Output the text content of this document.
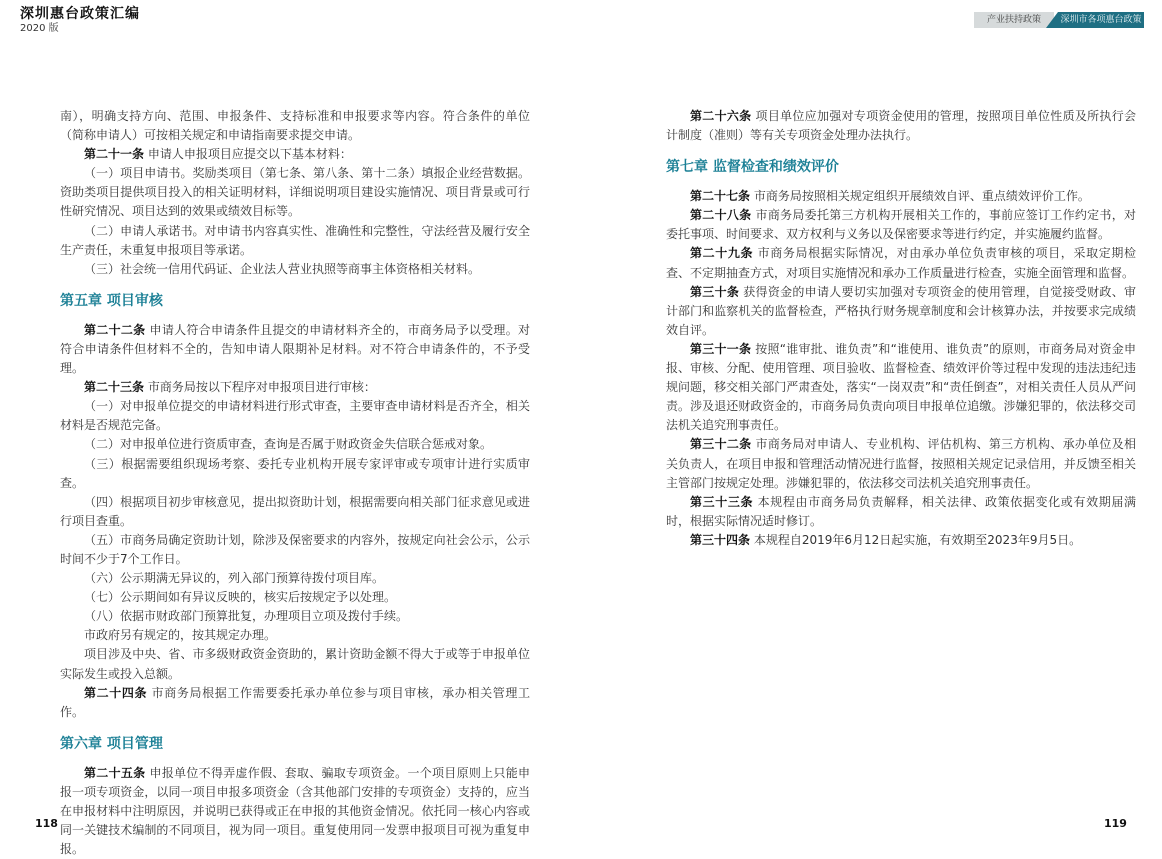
深圳惠台政策汇编
2020 版
产业扶持政策	深圳市各项惠台政策

南），明确支持方向、范围、申报条件、支持标准和申报要求等内容。符合条件的单位（简称申请人）可按相关规定和申请指南要求提交申请。

第二十一条 申请人申报项目应提交以下基本材料：

（一）项目申请书。奖励类项目（第七条、第八条、第十二条）填报企业经营数据。资助类项目提供项目投入的相关证明材料，详细说明项目建设实施情况、项目背景或可行性研究情况、项目达到的效果或绩效目标等。

（二）申请人承诺书。对申请书内容真实性、准确性和完整性，守法经营及履行安全生产责任，未重复申报项目等承诺。

（三）社会统一信用代码证、企业法人营业执照等商事主体资格相关材料。

第五章 项目审核

第二十二条 申请人符合申请条件且提交的申请材料齐全的，市商务局予以受理。对符合申请条件但材料不全的，告知申请人限期补足材料。对不符合申请条件的，不予受理。

第二十三条 市商务局按以下程序对申报项目进行审核：

（一）对申报单位提交的申请材料进行形式审查，主要审查申请材料是否齐全，相关材料是否规范完备。

（二）对申报单位进行资质审查，查询是否属于财政资金失信联合惩戒对象。

（三）根据需要组织现场考察、委托专业机构开展专家评审或专项审计进行实质审查。

（四）根据项目初步审核意见，提出拟资助计划，根据需要向相关部门征求意见或进行项目查重。

（五）市商务局确定资助计划，除涉及保密要求的内容外，按规定向社会公示，公示时间不少于7个工作日。

（六）公示期满无异议的，列入部门预算待拨付项目库。

（七）公示期间如有异议反映的，核实后按规定予以处理。

（八）依据市财政部门预算批复，办理项目立项及拨付手续。

市政府另有规定的，按其规定办理。

项目涉及中央、省、市多级财政资金资助的，累计资助金额不得大于或等于申报单位实际发生或投入总额。

第二十四条 市商务局根据工作需要委托承办单位参与项目审核，承办相关管理工作。

第六章 项目管理

第二十五条 申报单位不得弄虚作假、套取、骗取专项资金。一个项目原则上只能申报一项专项资金，以同一项目申报多项资金（含其他部门安排的专项资金）支持的，应当在申报材料中注明原因，并说明已获得或正在申报的其他资金情况。依托同一核心内容或同一关键技术编制的不同项目，视为同一项目。重复使用同一发票申报项目可视为重复申报。

第二十六条 项目单位应加强对专项资金使用的管理，按照项目单位性质及所执行会计制度（准则）等有关专项资金处理办法执行。

第七章 监督检查和绩效评价

第二十七条 市商务局按照相关规定组织开展绩效自评、重点绩效评价工作。

第二十八条 市商务局委托第三方机构开展相关工作的，事前应签订工作约定书，对委托事项、时间要求、双方权利与义务以及保密要求等进行约定，并实施履约监督。

第二十九条 市商务局根据实际情况，对由承办单位负责审核的项目，采取定期检查、不定期抽查方式，对项目实施情况和承办工作质量进行检查，实施全面管理和监督。

第三十条 获得资金的申请人要切实加强对专项资金的使用管理，自觉接受财政、审计部门和监察机关的监督检查，严格执行财务规章制度和会计核算办法，并按要求完成绩效自评。

第三十一条 按照“谁审批、谁负责”和“谁使用、谁负责”的原则，市商务局对资金申报、审核、分配、使用管理、项目验收、监督检查、绩效评价等过程中发现的违法违纪违规问题，移交相关部门严肃查处，落实“一岗双责”和“责任倒查”，对相关责任人员从严问责。涉及退还财政资金的，市商务局负责向项目申报单位追缴。涉嫌犯罪的，依法移交司法机关追究刑事责任。

第三十二条 市商务局对申请人、专业机构、评估机构、第三方机构、承办单位及相关负责人，在项目申报和管理活动情况进行监督，按照相关规定记录信用，并反馈至相关主管部门按规定处理。涉嫌犯罪的，依法移交司法机关追究刑事责任。

第三十三条 本规程由市商务局负责解释，相关法律、政策依据变化或有效期届满时，根据实际情况适时修订。

第三十四条 本规程自2019年6月12日起实施，有效期至2023年9月5日。

118	119
